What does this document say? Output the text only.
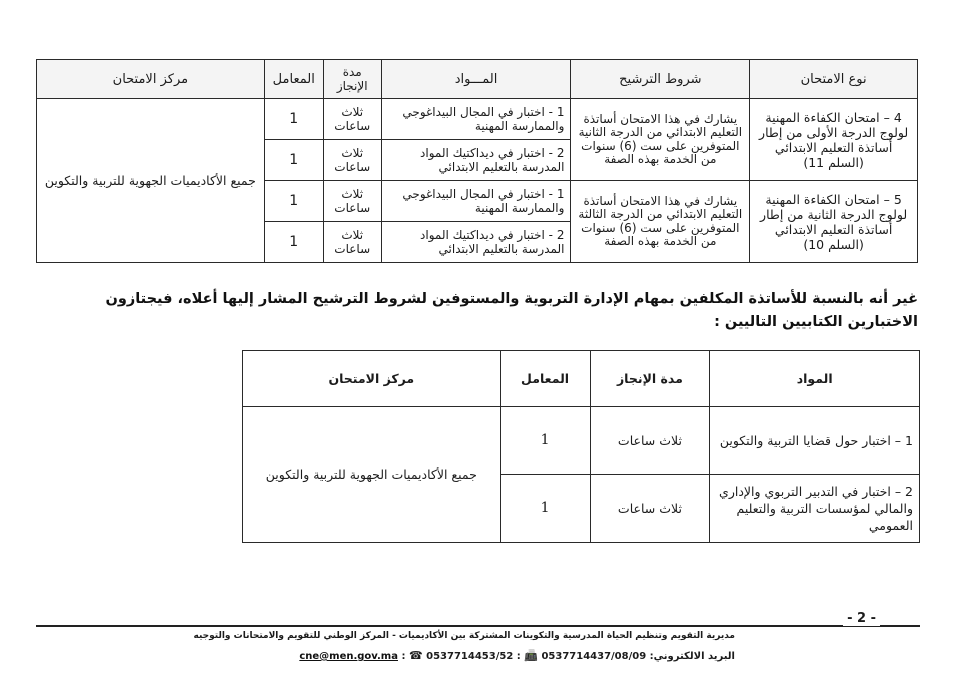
نوع الامتحان	شروط الترشيح	المـــواد	مدة الإنجاز	المعامل	مركز الامتحان
4 – امتحان الكفاءة المهنية لولوج الدرجة الأولى من إطار أساتذة التعليم الابتدائي (السلم 11)	يشارك في هذا الامتحان أساتذة التعليم الابتدائي من الدرجة الثانية المتوفرين على ست (6) سنوات من الخدمة بهذه الصفة	1 - اختبار في المجال البيداغوجي والممارسة المهنية	ثلاث ساعات	1	جميع الأكاديميات الجهوية للتربية والتكوين
		2 - اختبار في ديداكتيك المواد المدرسة بالتعليم الابتدائي	ثلاث ساعات	1	
5 – امتحان الكفاءة المهنية لولوج الدرجة الثانية من إطار أساتذة التعليم الابتدائي (السلم 10)	يشارك في هذا الامتحان أساتذة التعليم الابتدائي من الدرجة الثالثة المتوفرين على ست (6) سنوات من الخدمة بهذه الصفة	1 - اختبار في المجال البيداغوجي والممارسة المهنية	ثلاث ساعات	1	
		2 - اختبار في ديداكتيك المواد المدرسة بالتعليم الابتدائي	ثلاث ساعات	1	

غير أنه بالنسبة للأساتذة المكلفين بمهام الإدارة التربوية والمستوفين لشروط الترشيح المشار إليها أعلاه، فيجتازون الاختبارين الكتابيين التاليين :

المواد	مدة الإنجاز	المعامل	مركز الامتحان
1 – اختبار حول قضايا التربية والتكوين	ثلاث ساعات	1	جميع الأكاديميات الجهوية للتربية والتكوين
2 – اختبار في التدبير التربوي والإداري والمالي لمؤسسات التربية والتعليم العمومي	ثلاث ساعات	1	
- 2 -
مديرية التقويم وتنظيم الحياة المدرسية والتكوينات المشتركة بين الأكاديميات - المركز الوطني للتقويم والامتحانات والتوجيه
البريد الالكتروني: cne@men.gov.ma : ☎ 0537714453/52 : 📠 0537714437/08/09
